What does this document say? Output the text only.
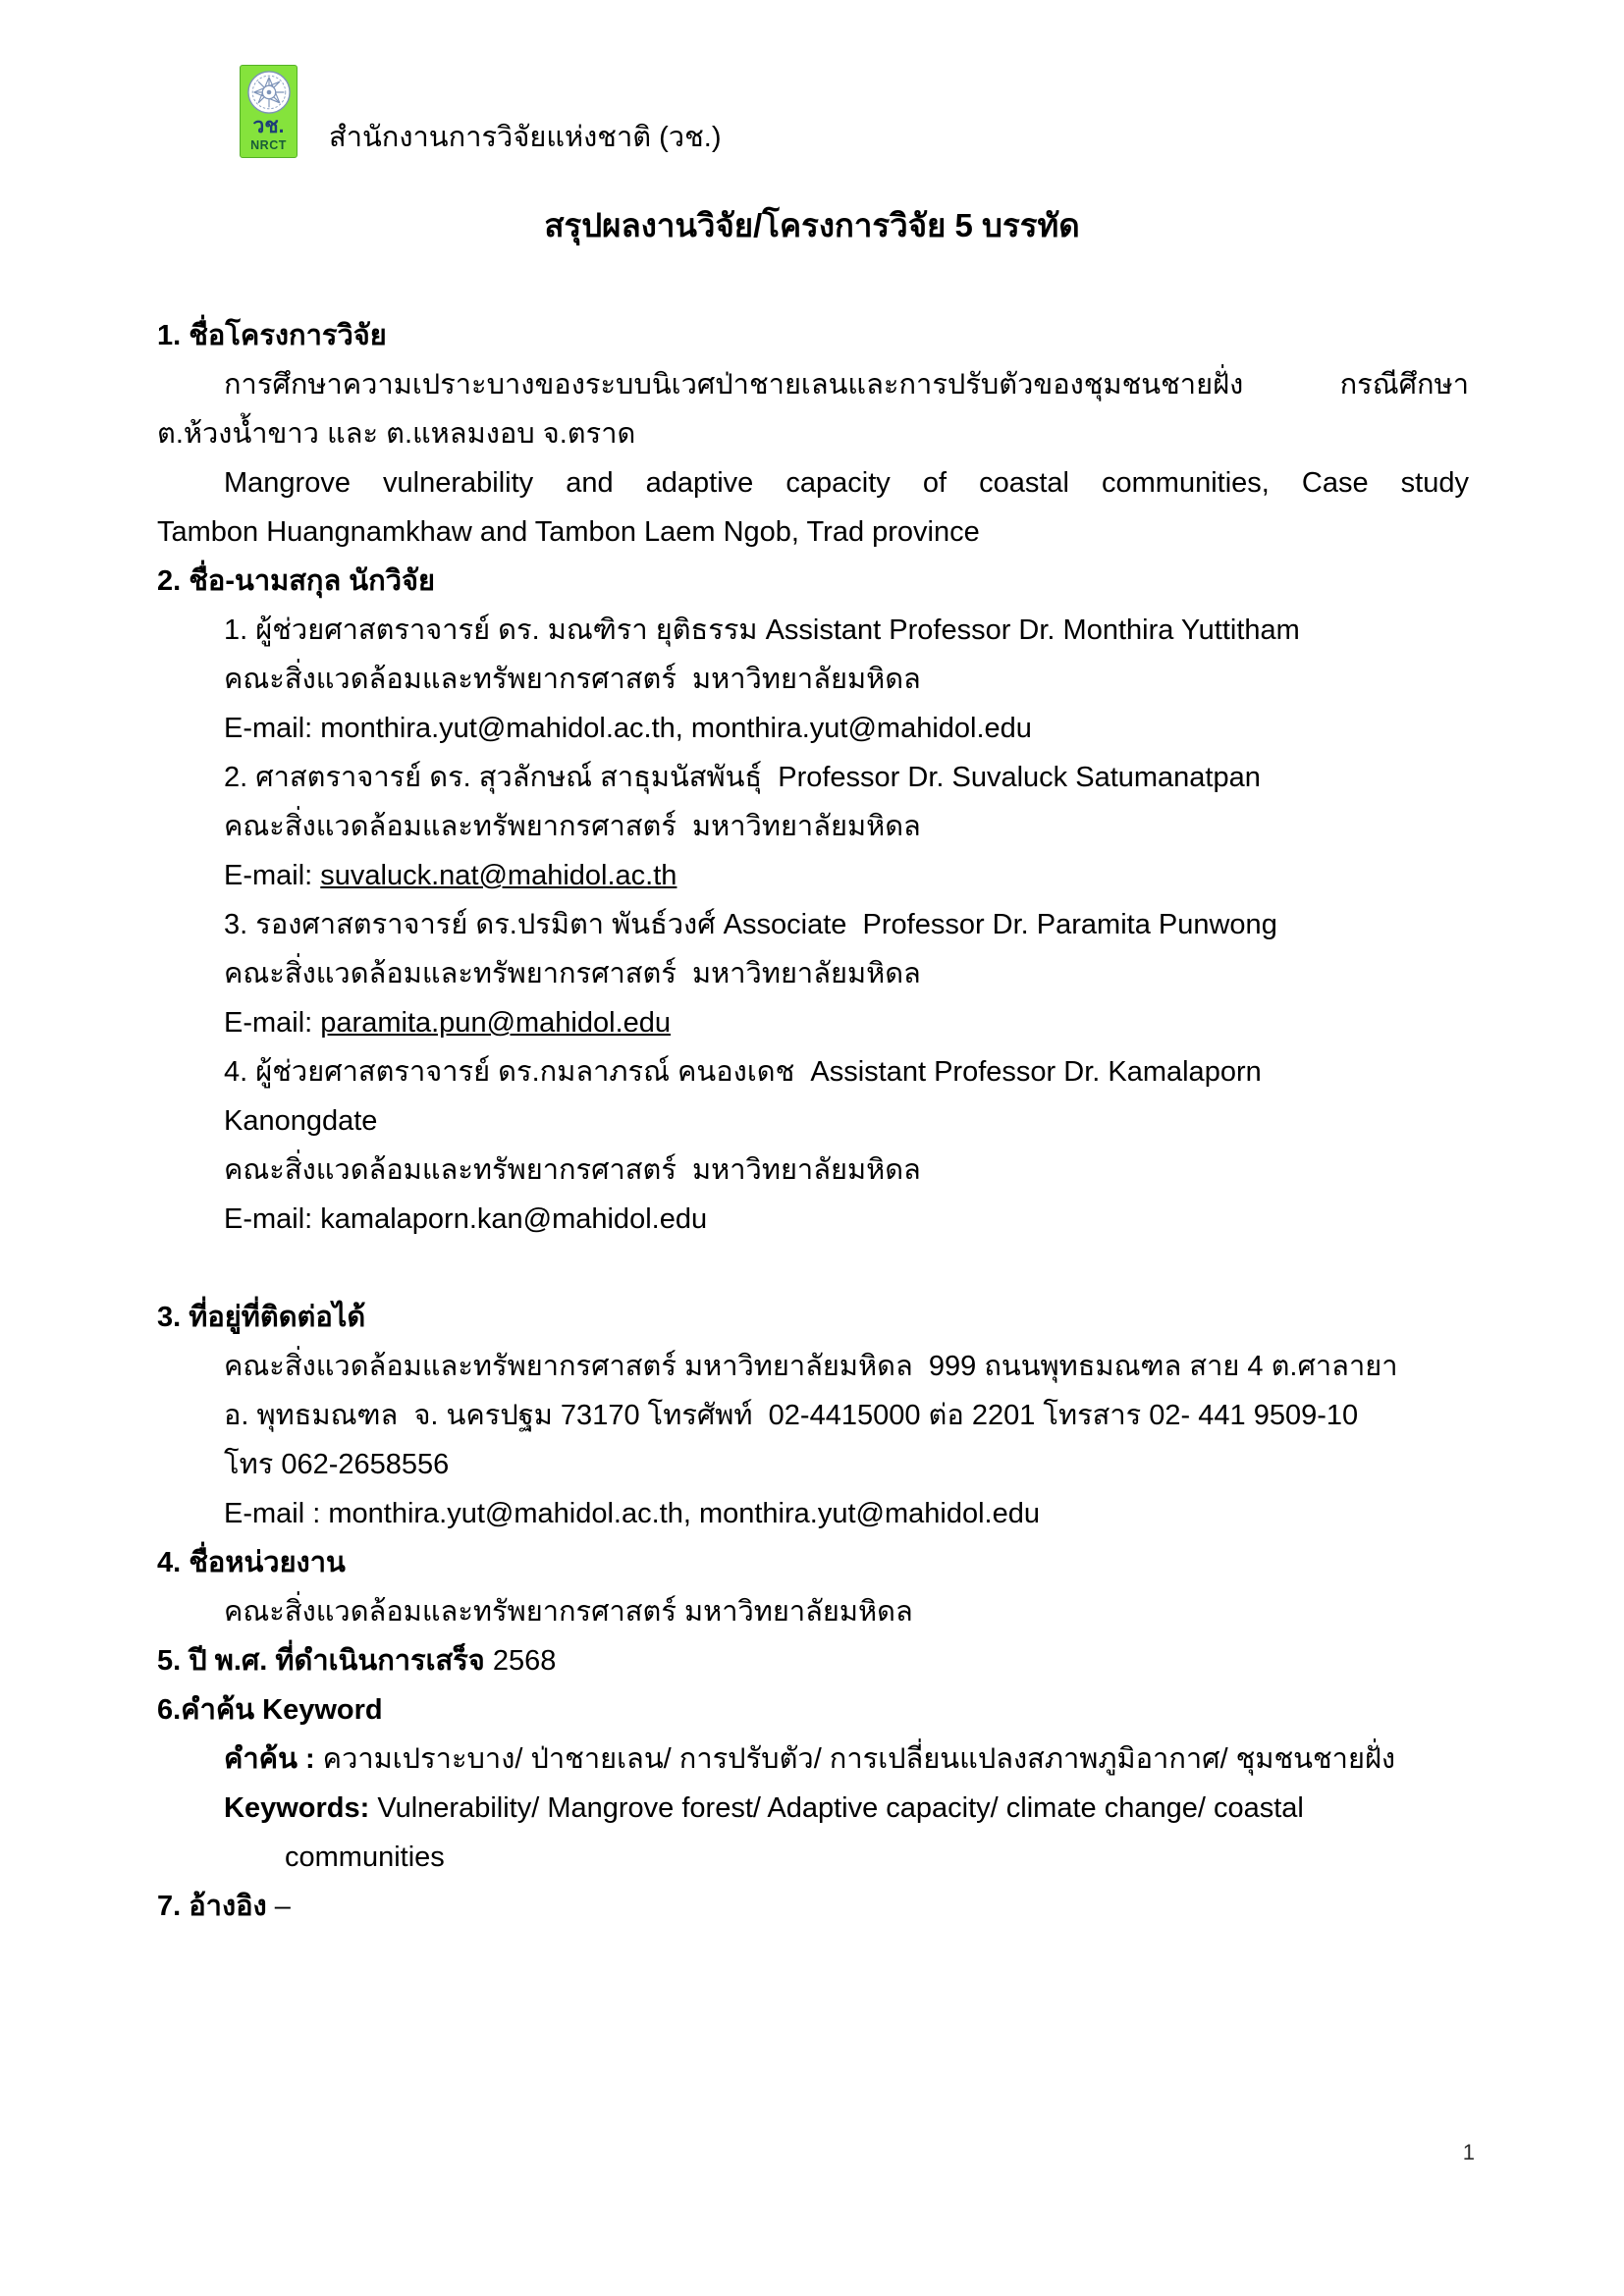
วช.
NRCT สำนักงานการวิจัยแห่งชาติ (วช.)
สรุปผลงานวิจัย/โครงการวิจัย 5 บรรทัด
1. ชื่อโครงการวิจัย
การศึกษาความเปราะบางของระบบนิเวศป่าชายเลนและการปรับตัวของชุมชนชายฝั่ง	กรณีศึกษา
ต.ห้วงน้ำขาว และ ต.แหลมงอบ จ.ตราด
Mangrove vulnerability and adaptive capacity of coastal communities, Case study
Tambon Huangnamkhaw and Tambon Laem Ngob, Trad province
2. ชื่อ-นามสกุล นักวิจัย
1. ผู้ช่วยศาสตราจารย์ ดร. มณฑิรา ยุติธรรม Assistant Professor Dr. Monthira Yuttitham
คณะสิ่งแวดล้อมและทรัพยากรศาสตร์  มหาวิทยาลัยมหิดล
E-mail: monthira.yut@mahidol.ac.th, monthira.yut@mahidol.edu
2. ศาสตราจารย์ ดร. สุวลักษณ์ สาธุมนัสพันธุ์  Professor Dr. Suvaluck Satumanatpan
คณะสิ่งแวดล้อมและทรัพยากรศาสตร์  มหาวิทยาลัยมหิดล
E-mail: suvaluck.nat@mahidol.ac.th
3. รองศาสตราจารย์ ดร.ปรมิตา พันธ์วงศ์ Associate  Professor Dr. Paramita Punwong
คณะสิ่งแวดล้อมและทรัพยากรศาสตร์  มหาวิทยาลัยมหิดล
E-mail: paramita.pun@mahidol.edu
4. ผู้ช่วยศาสตราจารย์ ดร.กมลาภรณ์ คนองเดช  Assistant Professor Dr. Kamalaporn
Kanongdate
คณะสิ่งแวดล้อมและทรัพยากรศาสตร์  มหาวิทยาลัยมหิดล
E-mail: kamalaporn.kan@mahidol.edu
3. ที่อยู่ที่ติดต่อได้
คณะสิ่งแวดล้อมและทรัพยากรศาสตร์ มหาวิทยาลัยมหิดล  999 ถนนพุทธมณฑล สาย 4 ต.ศาลายา
อ. พุทธมณฑล  จ. นครปฐม 73170 โทรศัพท์  02-4415000 ต่อ 2201 โทรสาร 02- 441 9509-10
โทร 062-2658556
E-mail : monthira.yut@mahidol.ac.th, monthira.yut@mahidol.edu
4. ชื่อหน่วยงาน
คณะสิ่งแวดล้อมและทรัพยากรศาสตร์ มหาวิทยาลัยมหิดล
5. ปี พ.ศ. ที่ดำเนินการเสร็จ 2568
6.คำค้น Keyword
คำค้น : ความเปราะบาง/ ป่าชายเลน/ การปรับตัว/ การเปลี่ยนแปลงสภาพภูมิอากาศ/ ชุมชนชายฝั่ง
Keywords: Vulnerability/ Mangrove forest/ Adaptive capacity/ climate change/ coastal
communities
7. อ้างอิง –
1
